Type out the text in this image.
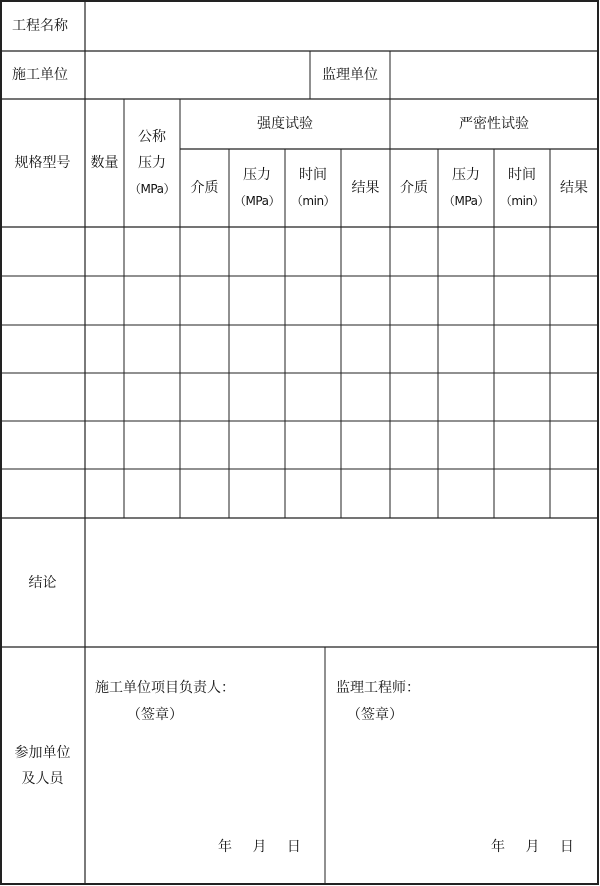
工程名称
施工单位	监理单位
规格型号 数量
公称
压力
（MPa）
强度试验	严密性试验
介质
压力
（MPa）
时间
（min）
结果 介质
压力
（MPa）
时间
（min）
结果
结论
参加单位
及人员
施工单位项目负责人：
（签章）
年 月 日
监理工程师：
（签章）
年 月 日
